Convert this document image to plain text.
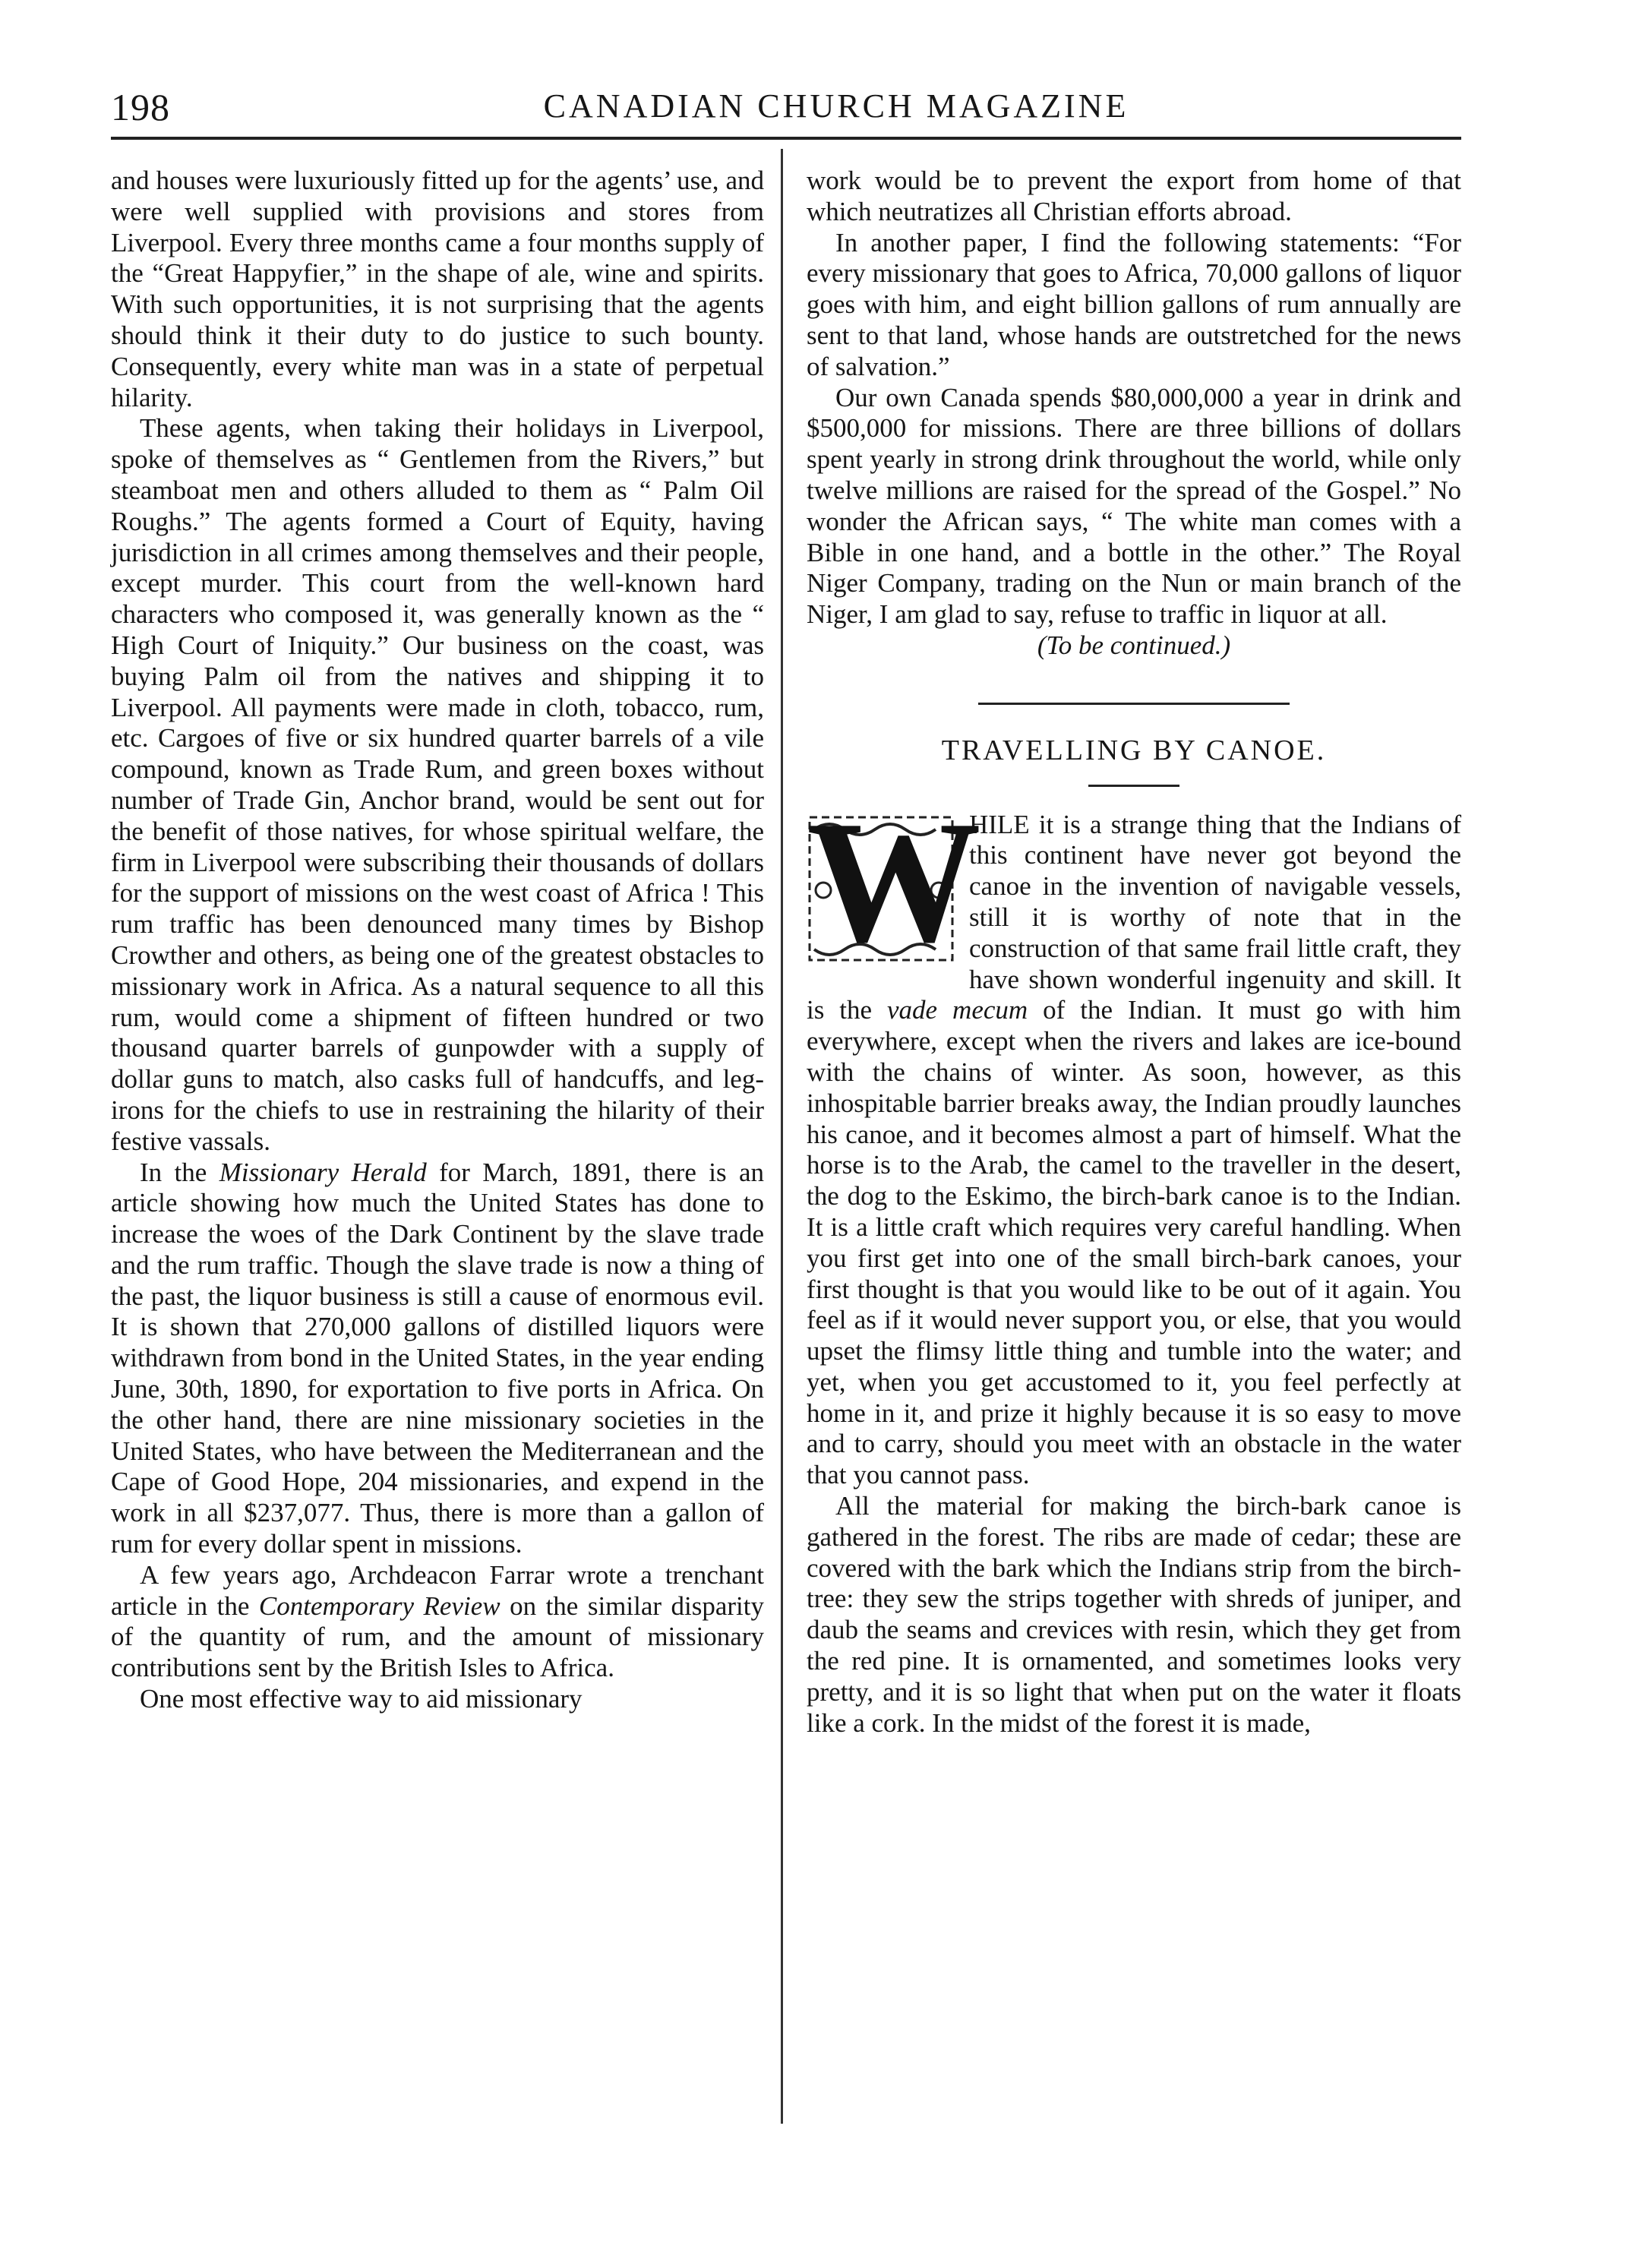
198	CANADIAN CHURCH MAGAZINE

and houses were luxuriously fitted up for the agents’ use, and were well supplied with provisions and stores from Liverpool. Every three months came a four months supply of the “Great Happyfier,” in the shape of ale, wine and spirits. With such opportunities, it is not surprising that the agents should think it their duty to do justice to such bounty. Consequently, every white man was in a state of perpetual hilarity.

These agents, when taking their holidays in Liverpool, spoke of themselves as “ Gentlemen from the Rivers,” but steamboat men and others alluded to them as “ Palm Oil Roughs.” The agents formed a Court of Equity, having jurisdiction in all crimes among themselves and their people, except murder. This court from the well-known hard characters who composed it, was generally known as the “ High Court of Iniquity.” Our business on the coast, was buying Palm oil from the natives and shipping it to Liverpool. All payments were made in cloth, tobacco, rum, etc. Cargoes of five or six hundred quarter barrels of a vile compound, known as Trade Rum, and green boxes without number of Trade Gin, Anchor brand, would be sent out for the benefit of those natives, for whose spiritual welfare, the firm in Liverpool were subscribing their thousands of dollars for the support of missions on the west coast of Africa ! This rum traffic has been denounced many times by Bishop Crowther and others, as being one of the greatest obstacles to missionary work in Africa. As a natural sequence to all this rum, would come a shipment of fifteen hundred or two thousand quarter barrels of gunpowder with a supply of dollar guns to match, also casks full of handcuffs, and leg-irons for the chiefs to use in restraining the hilarity of their festive vassals.

In the Missionary Herald for March, 1891, there is an article showing how much the United States has done to increase the woes of the Dark Continent by the slave trade and the rum traffic. Though the slave trade is now a thing of the past, the liquor business is still a cause of enormous evil. It is shown that 270,000 gallons of distilled liquors were withdrawn from bond in the United States, in the year ending June, 30th, 1890, for exportation to five ports in Africa. On the other hand, there are nine missionary societies in the United States, who have between the Mediterranean and the Cape of Good Hope, 204 missionaries, and expend in the work in all $237,077. Thus, there is more than a gallon of rum for every dollar spent in missions.

A few years ago, Archdeacon Farrar wrote a trenchant article in the Contemporary Review on the similar disparity of the quantity of rum, and the amount of missionary contributions sent by the British Isles to Africa.

One most effective way to aid missionary

work would be to prevent the export from home of that which neutratizes all Christian efforts abroad.

In another paper, I find the following statements: “For every missionary that goes to Africa, 70,000 gallons of liquor goes with him, and eight billion gallons of rum annually are sent to that land, whose hands are outstretched for the news of salvation.”

Our own Canada spends $80,000,000 a year in drink and $500,000 for missions. There are three billions of dollars spent yearly in strong drink throughout the world, while only twelve millions are raised for the spread of the Gospel.” No wonder the African says, “ The white man comes with a Bible in one hand, and a bottle in the other.” The Royal Niger Company, trading on the Nun or main branch of the Niger, I am glad to say, refuse to traffic in liquor at all.

(To be continued.)

TRAVELLING BY CANOE.

W
HILE it is a strange thing that the Indians of this continent have never got beyond the canoe in the invention of navigable vessels, still it is worthy of note that in the construction of that same frail little craft, they have shown wonderful ingenuity and skill. It is the vade mecum of the Indian. It must go with him everywhere, except when the rivers and lakes are ice-bound with the chains of winter. As soon, however, as this inhospitable barrier breaks away, the Indian proudly launches his canoe, and it becomes almost a part of himself. What the horse is to the Arab, the camel to the traveller in the desert, the dog to the Eskimo, the birch-bark canoe is to the Indian. It is a little craft which requires very careful handling. When you first get into one of the small birch-bark canoes, your first thought is that you would like to be out of it again. You feel as if it would never support you, or else, that you would upset the flimsy little thing and tumble into the water; and yet, when you get accustomed to it, you feel perfectly at home in it, and prize it highly because it is so easy to move and to carry, should you meet with an obstacle in the water that you cannot pass.

All the material for making the birch-bark canoe is gathered in the forest. The ribs are made of cedar; these are covered with the bark which the Indians strip from the birch-tree: they sew the strips together with shreds of juniper, and daub the seams and crevices with resin, which they get from the red pine. It is ornamented, and sometimes looks very pretty, and it is so light that when put on the water it floats like a cork. In the midst of the forest it is made,
